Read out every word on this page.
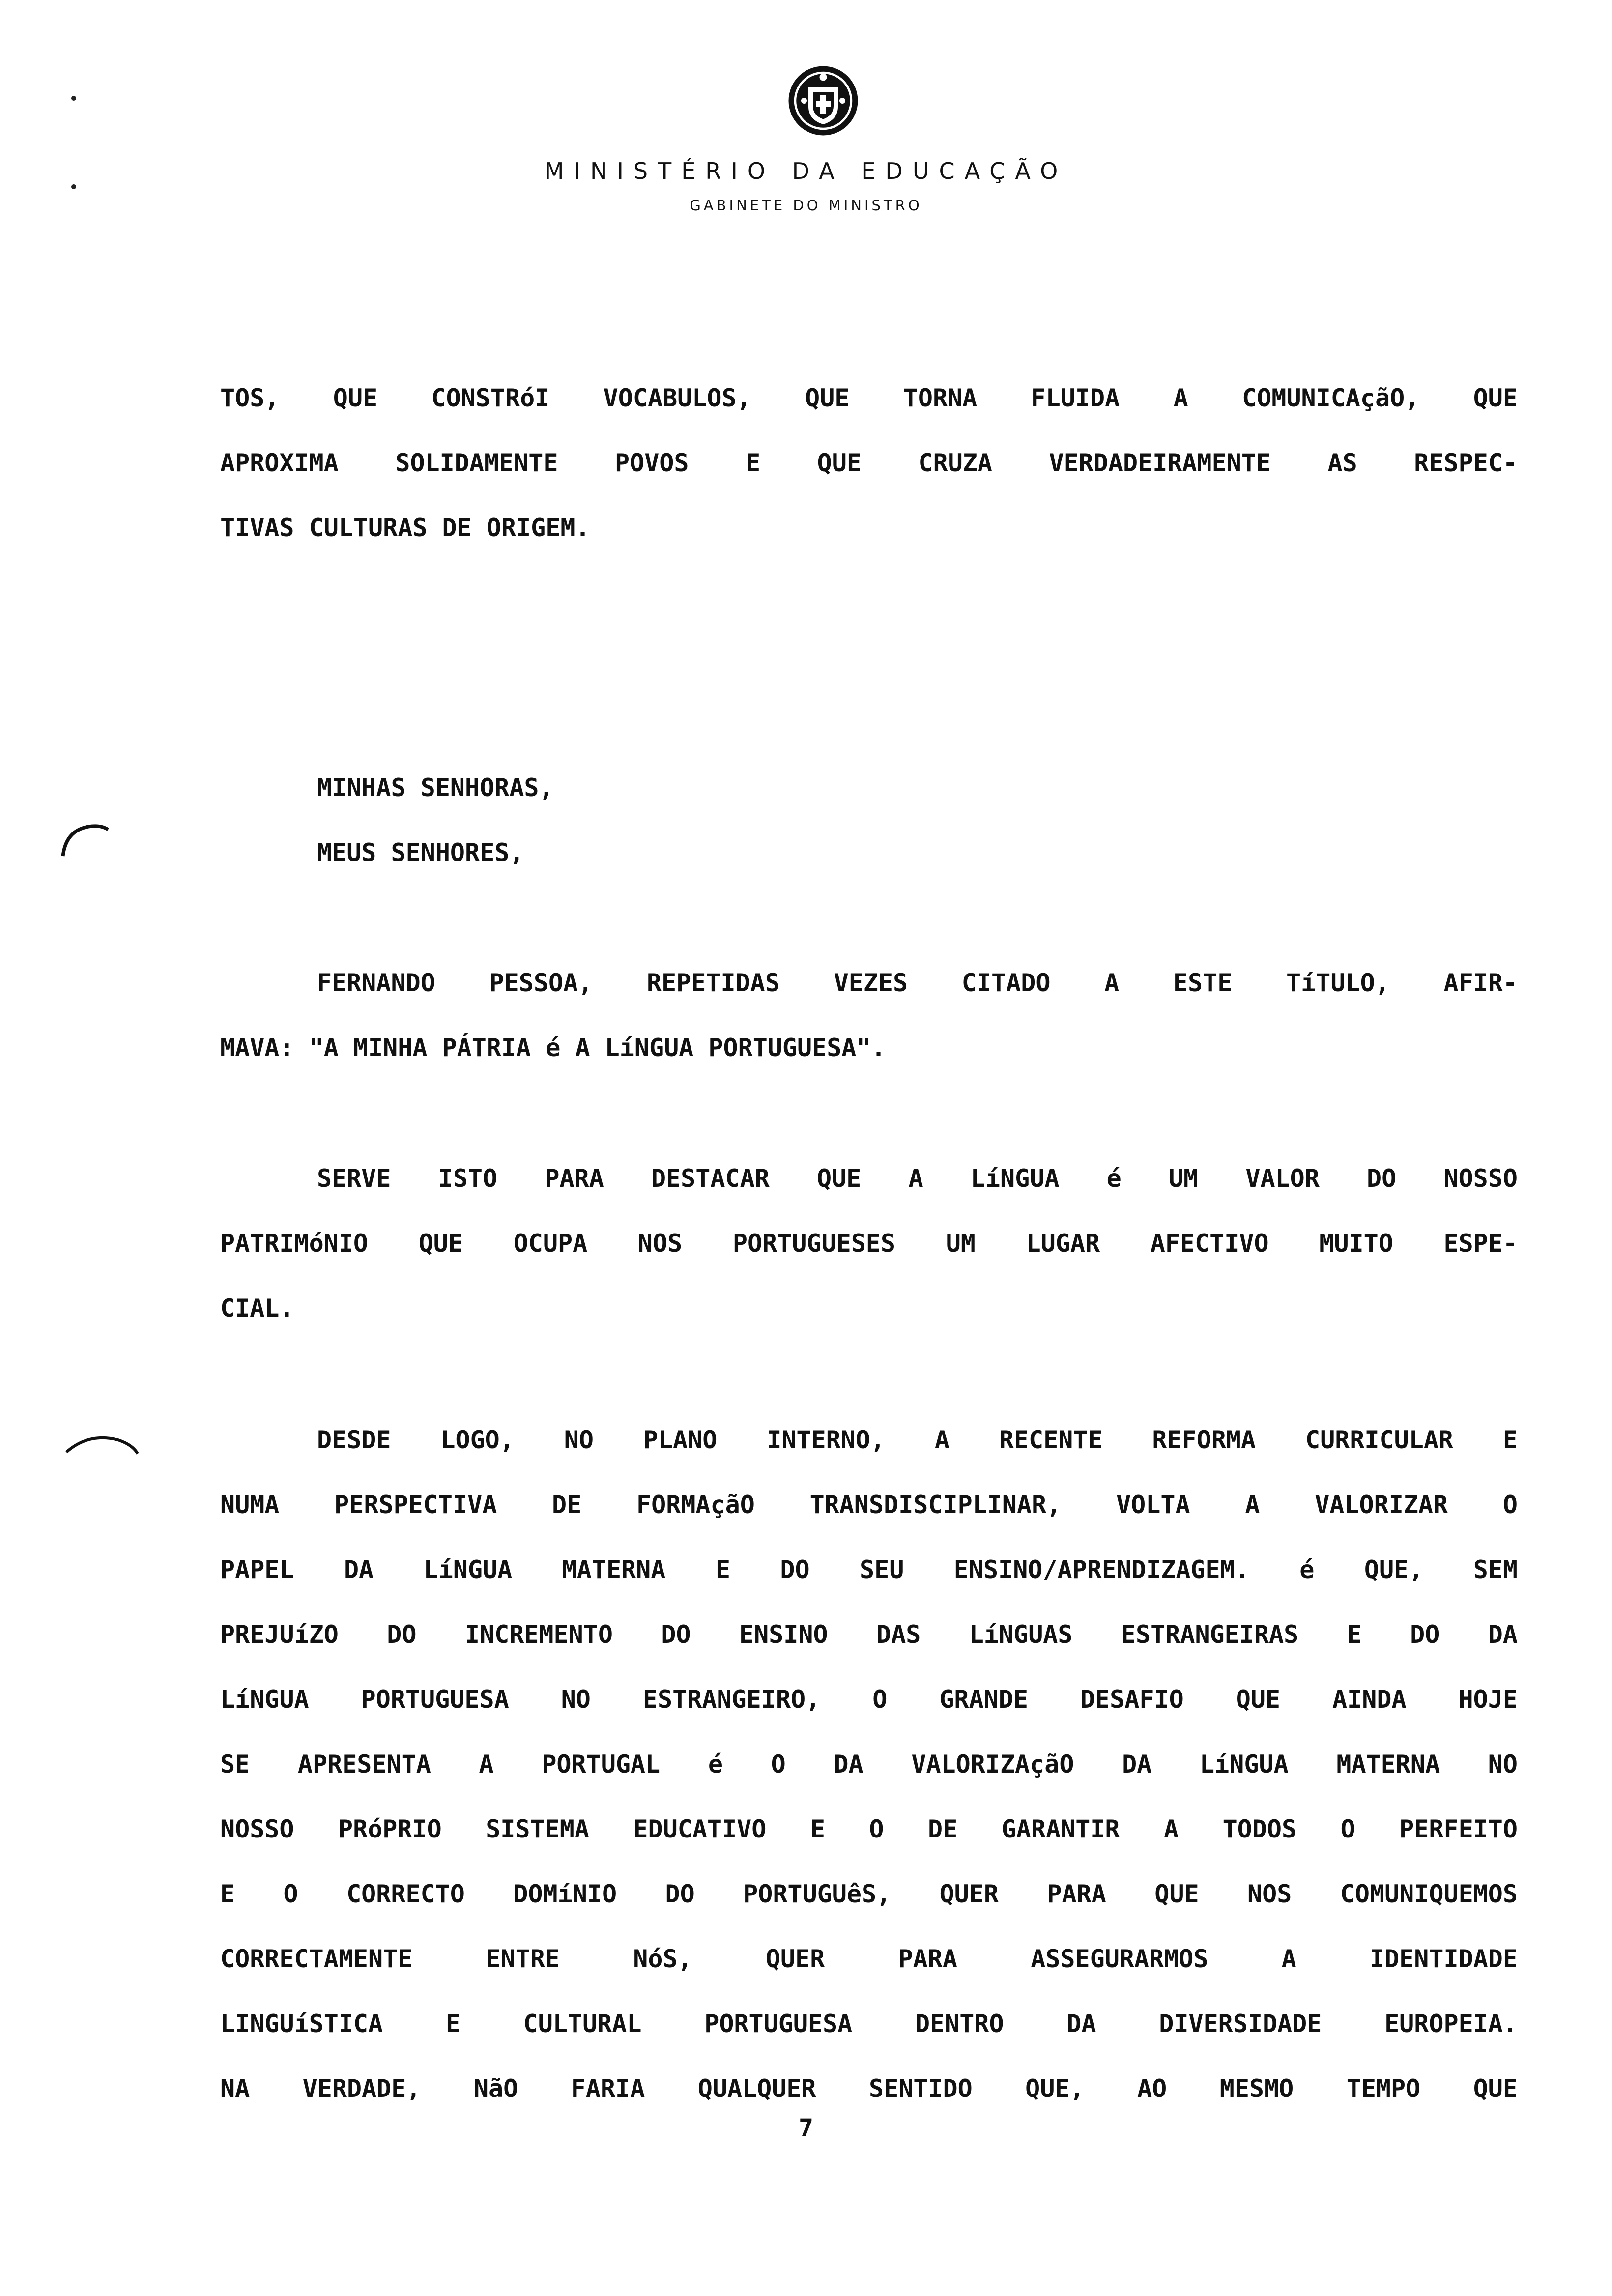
MINISTÉRIO DA EDUCAÇÃO
GABINETE DO MINISTRO
TOS, QUE CONSTRóI VOCABULOS, QUE TORNA FLUIDA A COMUNICAçãO, QUE
APROXIMA SOLIDAMENTE POVOS E QUE CRUZA VERDADEIRAMENTE AS RESPEC-
TIVAS CULTURAS DE ORIGEM.
MINHAS SENHORAS,
MEUS SENHORES,
FERNANDO PESSOA, REPETIDAS VEZES CITADO A ESTE TíTULO, AFIR-
MAVA: "A MINHA PÁTRIA é A LíNGUA PORTUGUESA".
SERVE ISTO PARA DESTACAR QUE A LíNGUA é UM VALOR DO NOSSO
PATRIMóNIO QUE OCUPA NOS PORTUGUESES UM LUGAR AFECTIVO MUITO ESPE-
CIAL.
DESDE LOGO, NO PLANO INTERNO, A RECENTE REFORMA CURRICULAR E
NUMA PERSPECTIVA DE FORMAçãO TRANSDISCIPLINAR, VOLTA A VALORIZAR O
PAPEL DA LíNGUA MATERNA E DO SEU ENSINO/APRENDIZAGEM. é QUE, SEM
PREJUíZO DO INCREMENTO DO ENSINO DAS LíNGUAS ESTRANGEIRAS E DO DA
LíNGUA PORTUGUESA NO ESTRANGEIRO, O GRANDE DESAFIO QUE AINDA HOJE
SE APRESENTA A PORTUGAL é O DA VALORIZAçãO DA LíNGUA MATERNA NO
NOSSO PRóPRIO SISTEMA EDUCATIVO E O DE GARANTIR A TODOS O PERFEITO
E O CORRECTO DOMíNIO DO PORTUGUêS, QUER PARA QUE NOS COMUNIQUEMOS
CORRECTAMENTE ENTRE NóS, QUER PARA ASSEGURARMOS A IDENTIDADE
LINGUíSTICA E CULTURAL PORTUGUESA DENTRO DA DIVERSIDADE EUROPEIA.
NA VERDADE, NãO FARIA QUALQUER SENTIDO QUE, AO MESMO TEMPO QUE
7
